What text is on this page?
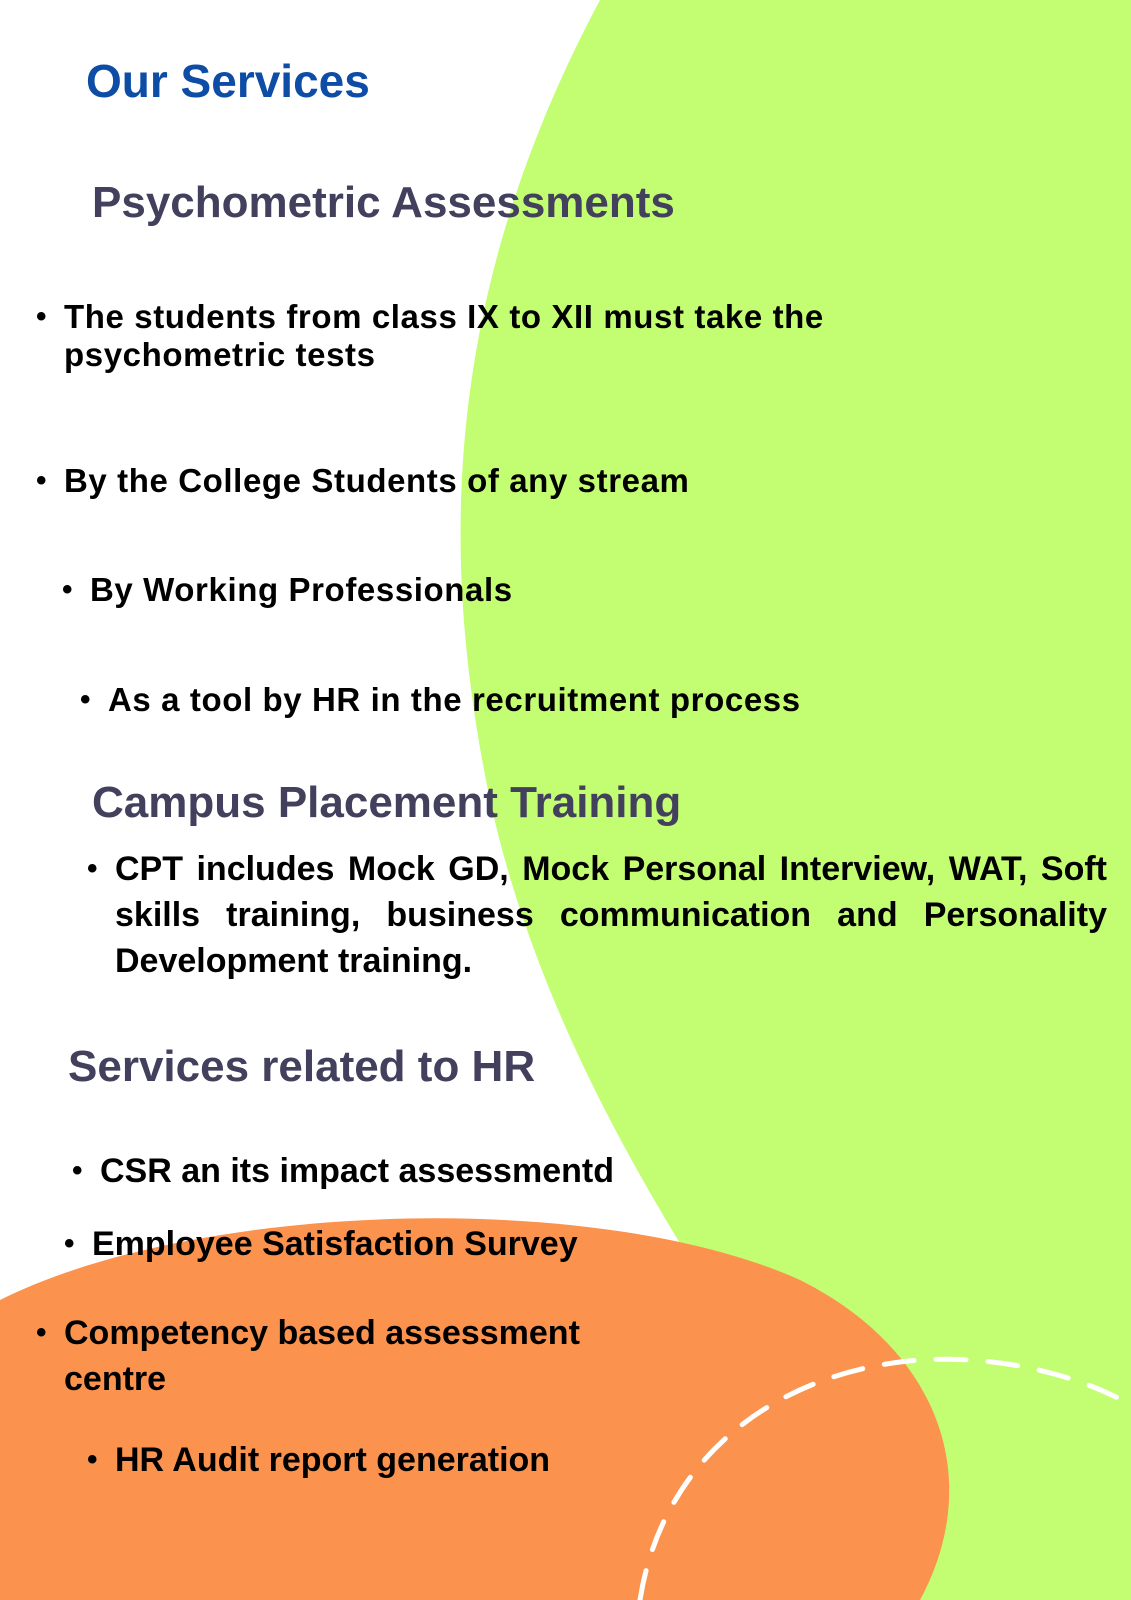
Our Services
Psychometric Assessments

• The students from class IX to XII must take the psychometric tests

• By the College Students of any stream

• By Working Professionals

• As a tool by HR in the recruitment process

Campus Placement Training

• CPT includes Mock GD, Mock Personal Interview, WAT, Soft skills training, business communication and Personality Development training.

Services related to HR

• CSR an its impact assessmentd

• Employee Satisfaction Survey

• Competency based assessment centre

• HR Audit report generation
